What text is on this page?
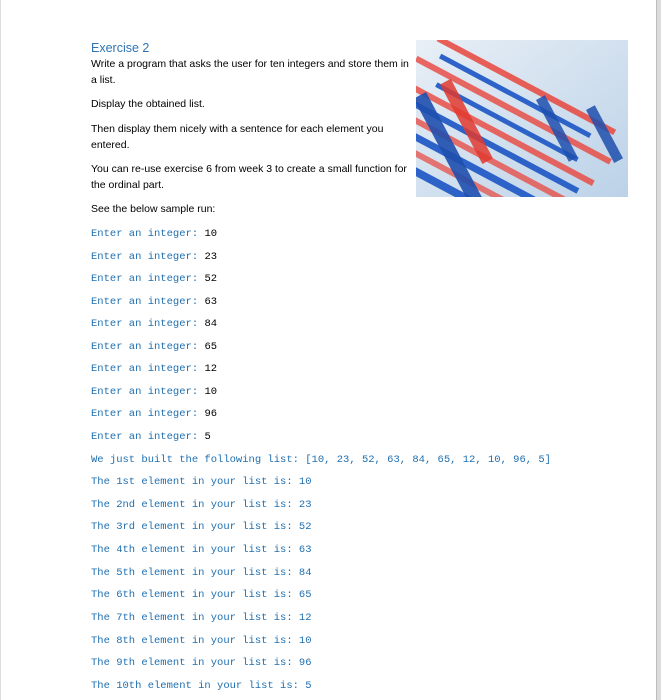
Exercise 2
Write a program that asks the user for ten integers and store them in a list.
Display the obtained list.
Then display them nicely with a sentence for each element you entered.
You can re-use exercise 6 from week 3 to create a small function for the ordinal part.
See the below sample run:
Enter an integer: 10
Enter an integer: 23
Enter an integer: 52
Enter an integer: 63
Enter an integer: 84
Enter an integer: 65
Enter an integer: 12
Enter an integer: 10
Enter an integer: 96
Enter an integer: 5
We just built the following list: [10, 23, 52, 63, 84, 65, 12, 10, 96, 5]
The 1st element in your list is: 10
The 2nd element in your list is: 23
The 3rd element in your list is: 52
The 4th element in your list is: 63
The 5th element in your list is: 84
The 6th element in your list is: 65
The 7th element in your list is: 12
The 8th element in your list is: 10
The 9th element in your list is: 96
The 10th element in your list is: 5
